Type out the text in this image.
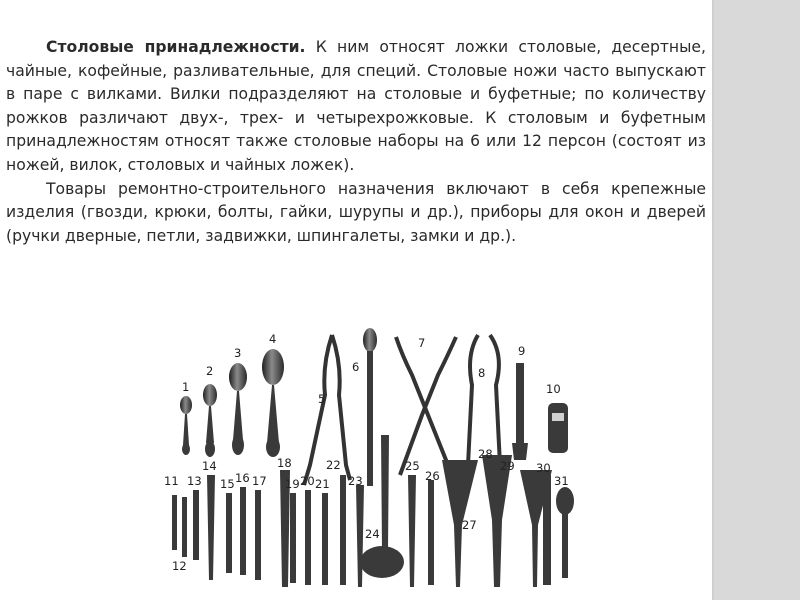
Столовые принадлежности. К ним относят ложки столовые, десертные, чайные, кофейные, разливательные, для специй. Столовые ножи часто выпускают в паре с вилками. Вилки подразделяют на столовые и буфетные; по количеству рожков различают двух-, трех- и четырехрожковые. К столовым и буфетным принадлежностям относят также столовые наборы на 6 или 12 персон (состоят из ножей, вилок, столовых и чайных ложек).

Товары ремонтно-строительного назначения включают в себя крепежные изделия (гвозди, крюки, болты, гайки, шурупы и др.), приборы для окон и дверей (ручки дверные, петли, задвижки, шпингалеты, замки и др.).

1
2
3
4
5
6
7
8
9
10
11
12
13
14
15 16 17
18
19 20 21
22
23
24
25
26
27
28
29 30
31
